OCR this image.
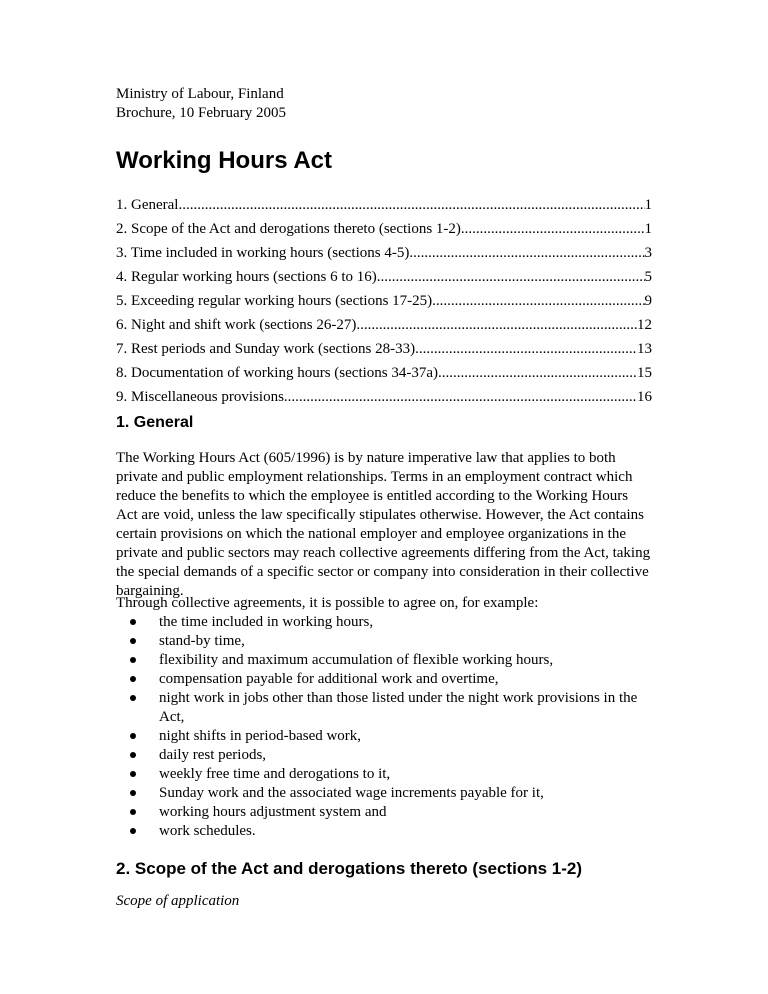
Ministry of Labour, Finland
Brochure, 10 February 2005
Working Hours Act
1. General .....	1
2. Scope of the Act and derogations thereto (sections 1-2) .....	1
3. Time included in working hours (sections 4-5) .....	3
4. Regular working hours (sections 6 to 16) .....	5
5. Exceeding regular working hours (sections 17-25) .....	9
6. Night and shift work (sections 26-27) .....	12
7. Rest periods and Sunday work (sections 28-33) .....	13
8. Documentation of working hours (sections 34-37a) .....	15
9. Miscellaneous provisions .....	16
1. General

The Working Hours Act (605/1996) is by nature imperative law that applies to both private and public employment relationships. Terms in an employment contract which reduce the benefits to which the employee is entitled according to the Working Hours Act are void, unless the law specifically stipulates otherwise. However, the Act contains certain provisions on which the national employer and employee organizations in the private and public sectors may reach collective agreements differing from the Act, taking the special demands of a specific sector or company into consideration in their collective bargaining.

Through collective agreements, it is possible to agree on, for example:

the time included in working hours,
stand-by time,
flexibility and maximum accumulation of flexible working hours,
compensation payable for additional work and overtime,
night work in jobs other than those listed under the night work provisions in the Act,
night shifts in period-based work,
daily rest periods,
weekly free time and derogations to it,
Sunday work and the associated wage increments payable for it,
working hours adjustment system and
work schedules.
2. Scope of the Act and derogations thereto (sections 1-2)

Scope of application
